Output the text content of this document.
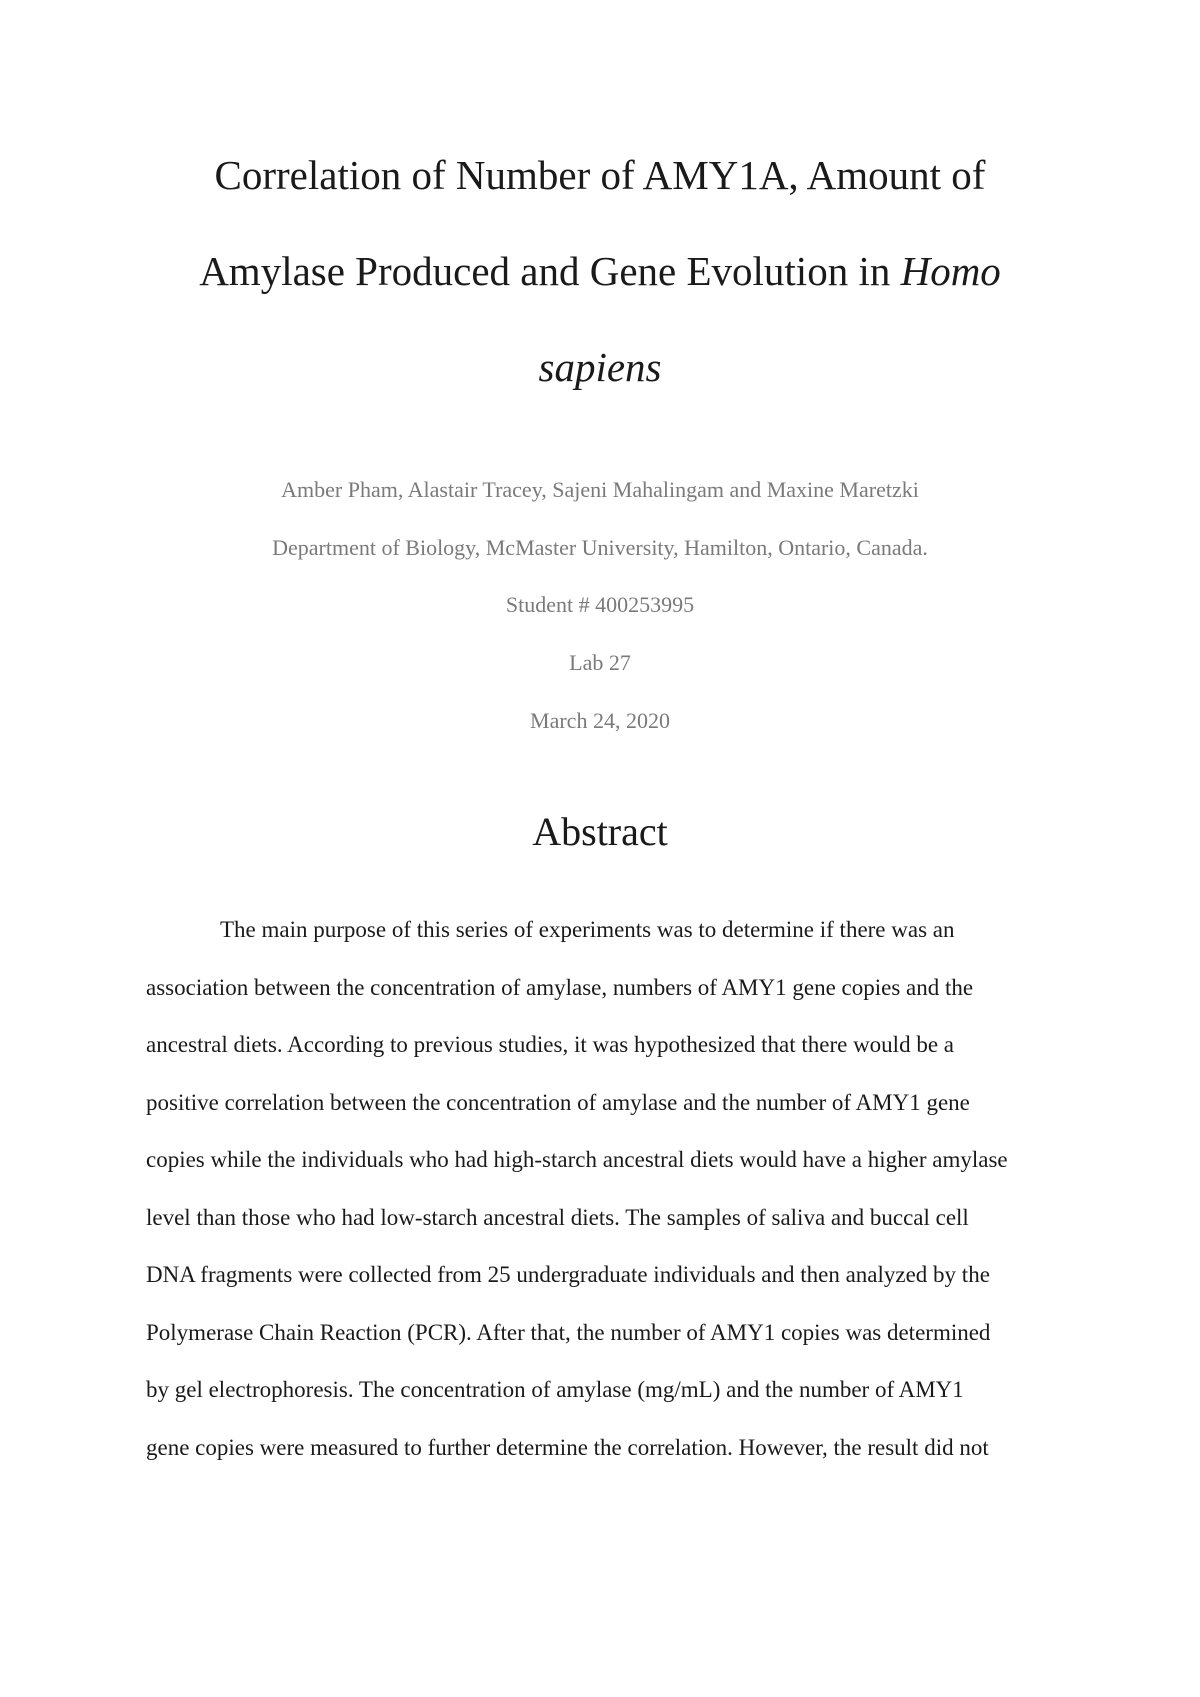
Correlation of Number of AMY1A, Amount of
Amylase Produced and Gene Evolution in Homo
sapiens

Amber Pham, Alastair Tracey, Sajeni Mahalingam and Maxine Maretzki

Department of Biology, McMaster University, Hamilton, Ontario, Canada.

Student # 400253995

Lab 27

March 24, 2020

Abstract

The main purpose of this series of experiments was to determine if there was an

association between the concentration of amylase, numbers of AMY1 gene copies and the

ancestral diets. According to previous studies, it was hypothesized that there would be a

positive correlation between the concentration of amylase and the number of AMY1 gene

copies while the individuals who had high-starch ancestral diets would have a higher amylase

level than those who had low-starch ancestral diets. The samples of saliva and buccal cell

DNA fragments were collected from 25 undergraduate individuals and then analyzed by the

Polymerase Chain Reaction (PCR). After that, the number of AMY1 copies was determined

by gel electrophoresis. The concentration of amylase (mg/mL) and the number of AMY1

gene copies were measured to further determine the correlation. However, the result did not
